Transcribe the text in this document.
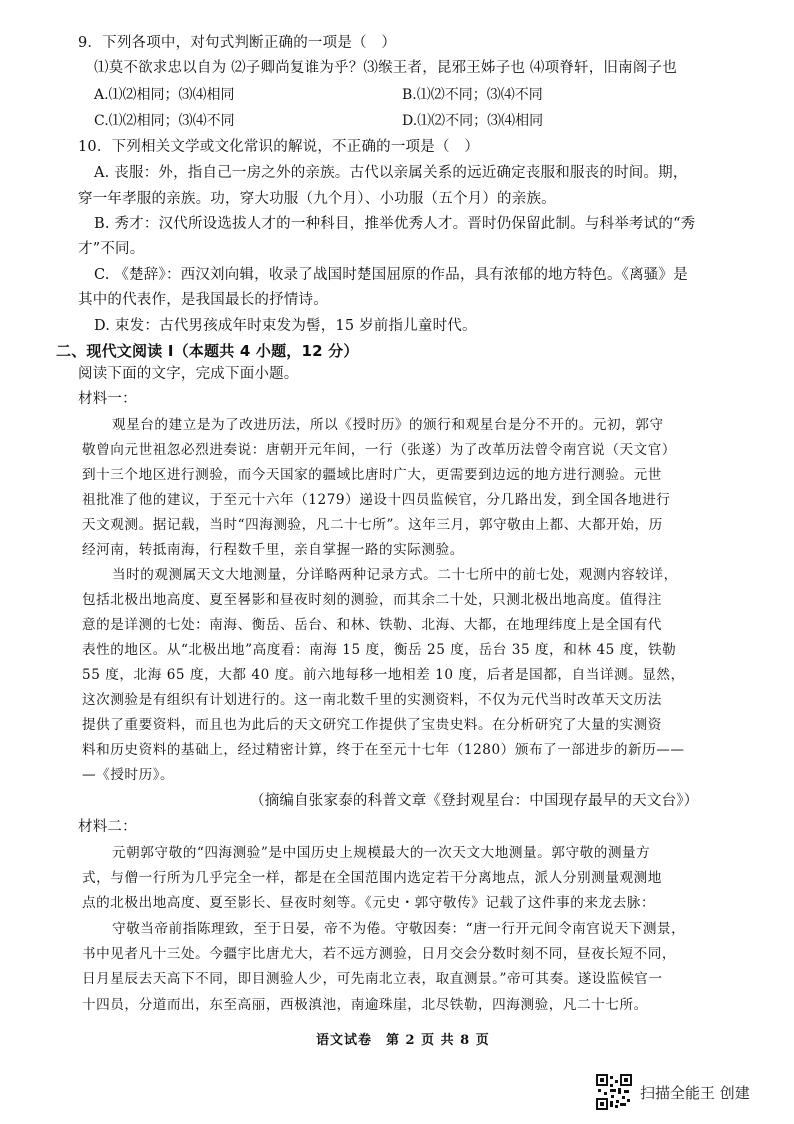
9．下列各项中，对句式判断正确的一项是（　）
⑴莫不欲求忠以自为 ⑵子卿尚复谁为乎？⑶缑王者，昆邪王姊子也 ⑷项脊轩，旧南阁子也
A.⑴⑵相同；⑶⑷相同	B.⑴⑵不同；⑶⑷不同
C.⑴⑵相同；⑶⑷不同	D.⑴⑵不同；⑶⑷相同
10．下列相关文学或文化常识的解说，不正确的一项是（　）
A. 丧服：外，指自己一房之外的亲族。古代以亲属关系的远近确定丧服和服丧的时间。期，
穿一年孝服的亲族。功，穿大功服（九个月）、小功服（五个月）的亲族。
B. 秀才：汉代所设选拔人才的一种科目，推举优秀人才。晋时仍保留此制。与科举考试的“秀
才”不同。
C. 《楚辞》：西汉刘向辑，收录了战国时楚国屈原的作品，具有浓郁的地方特色。《离骚》是
其中的代表作，是我国最长的抒情诗。
D. 束发：古代男孩成年时束发为髻，15 岁前指儿童时代。
二、现代文阅读 I（本题共 4 小题，12 分）
阅读下面的文字，完成下面小题。
材料一：
观星台的建立是为了改进历法，所以《授时历》的颁行和观星台是分不开的。元初，郭守
敬曾向元世祖忽必烈进奏说：唐朝开元年间，一行（张遂）为了改革历法曾令南宫说（天文官）
到十三个地区进行测验，而今天国家的疆域比唐时广大，更需要到边远的地方进行测验。元世
祖批准了他的建议，于至元十六年（1279）递设十四员监候官，分几路出发，到全国各地进行
天文观测。据记载，当时“四海测验，凡二十七所”。这年三月，郭守敬由上都、大都开始，历
经河南，转抵南海，行程数千里，亲自掌握一路的实际测验。
当时的观测属天文大地测量，分详略两种记录方式。二十七所中的前七处，观测内容较详，
包括北极出地高度、夏至晷影和昼夜时刻的测验，而其余二十处，只测北极出地高度。值得注
意的是详测的七处：南海、衡岳、岳台、和林、铁勒、北海、大都，在地理纬度上是全国有代
表性的地区。从“北极出地”高度看：南海 15 度，衡岳 25 度，岳台 35 度，和林 45 度，铁勒
55 度，北海 65 度，大都 40 度。前六地每移一地相差 10 度，后者是国都，自当详测。显然，
这次测验是有组织有计划进行的。这一南北数千里的实测资料，不仅为元代当时改革天文历法
提供了重要资料，而且也为此后的天文研究工作提供了宝贵史料。在分析研究了大量的实测资
料和历史资料的基础上，经过精密计算，终于在至元十七年（1280）颁布了一部进步的新历——
—《授时历》。
（摘编自张家泰的科普文章《登封观星台：中国现存最早的天文台》）
材料二：
元朝郭守敬的“四海测验”是中国历史上规模最大的一次天文大地测量。郭守敬的测量方
式，与僧一行所为几乎完全一样，都是在全国范围内选定若干分离地点，派人分别测量观测地
点的北极出地高度、夏至影长、昼夜时刻等。《元史・郭守敬传》记载了这件事的来龙去脉：
守敬当帝前指陈理致，至于日晏，帝不为倦。守敬因奏：“唐一行开元间令南宫说天下测景，
书中见者凡十三处。今疆宇比唐尤大，若不远方测验，日月交会分数时刻不同，昼夜长短不同，
日月星辰去天高下不同，即目测验人少，可先南北立表，取直测景。”帝可其奏。遂设监候官一
十四员，分道而出，东至高丽，西极滇池，南逾珠崖，北尽铁勒，四海测验，凡二十七所。
语文试卷　第 2 页 共 8 页
扫描全能王 创建
